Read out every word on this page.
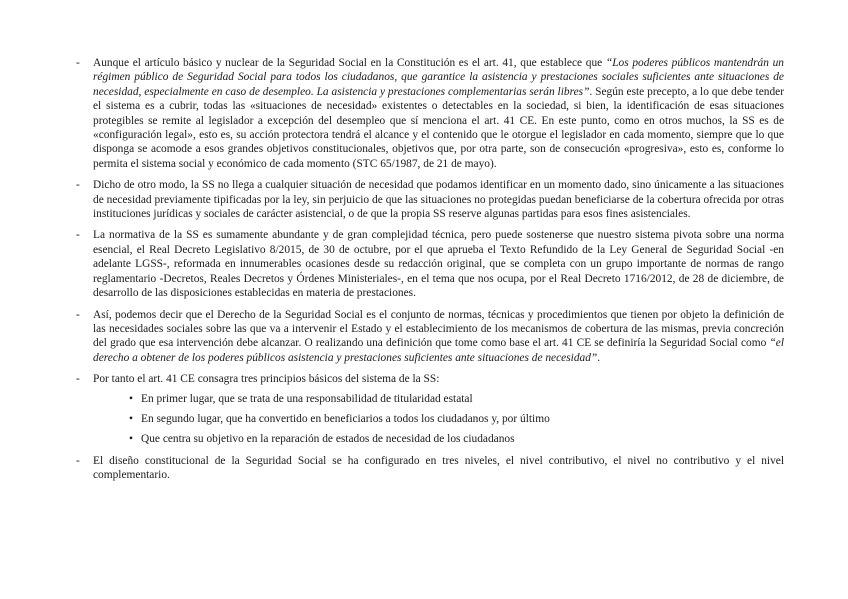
- Aunque el artículo básico y nuclear de la Seguridad Social en la Constitución es el art. 41, que establece que “Los poderes públicos mantendrán un régimen público de Seguridad Social para todos los ciudadanos, que garantice la asistencia y prestaciones sociales suficientes ante situaciones de necesidad, especialmente en caso de desempleo. La asistencia y prestaciones complementarias serán libres”. Según este precepto, a lo que debe tender el sistema es a cubrir, todas las «situaciones de necesidad» existentes o detectables en la sociedad, si bien, la identificación de esas situaciones protegibles se remite al legislador a excepción del desempleo que sí menciona el art. 41 CE. En este punto, como en otros muchos, la SS es de «configuración legal», esto es, su acción protectora tendrá el alcance y el contenido que le otorgue el legislador en cada momento, siempre que lo que disponga se acomode a esos grandes objetivos constitucionales, objetivos que, por otra parte, son de consecución «progresiva», esto es, conforme lo permita el sistema social y económico de cada momento (STC 65/1987, de 21 de mayo).
- Dicho de otro modo, la SS no llega a cualquier situación de necesidad que podamos identificar en un momento dado, sino únicamente a las situaciones de necesidad previamente tipificadas por la ley, sin perjuicio de que las situaciones no protegidas puedan beneficiarse de la cobertura ofrecida por otras instituciones jurídicas y sociales de carácter asistencial, o de que la propia SS reserve algunas partidas para esos fines asistenciales.
- La normativa de la SS es sumamente abundante y de gran complejidad técnica, pero puede sostenerse que nuestro sistema pivota sobre una norma esencial, el Real Decreto Legislativo 8/2015, de 30 de octubre, por el que aprueba el Texto Refundido de la Ley General de Seguridad Social -en adelante LGSS-, reformada en innumerables ocasiones desde su redacción original, que se completa con un grupo importante de normas de rango reglamentario -Decretos, Reales Decretos y Órdenes Ministeriales-, en el tema que nos ocupa, por el Real Decreto 1716/2012, de 28 de diciembre, de desarrollo de las disposiciones establecidas en materia de prestaciones.
- Así, podemos decir que el Derecho de la Seguridad Social es el conjunto de normas, técnicas y procedimientos que tienen por objeto la definición de las necesidades sociales sobre las que va a intervenir el Estado y el establecimiento de los mecanismos de cobertura de las mismas, previa concreción del grado que esa intervención debe alcanzar. O realizando una definición que tome como base el art. 41 CE se definiría la Seguridad Social como “el derecho a obtener de los poderes públicos asistencia y prestaciones suficientes ante situaciones de necesidad”.
- Por tanto el art. 41 CE consagra tres principios básicos del sistema de la SS:
• En primer lugar, que se trata de una responsabilidad de titularidad estatal
• En segundo lugar, que ha convertido en beneficiarios a todos los ciudadanos y, por último
• Que centra su objetivo en la reparación de estados de necesidad de los ciudadanos
- El diseño constitucional de la Seguridad Social se ha configurado en tres niveles, el nivel contributivo, el nivel no contributivo y el nivel complementario.
